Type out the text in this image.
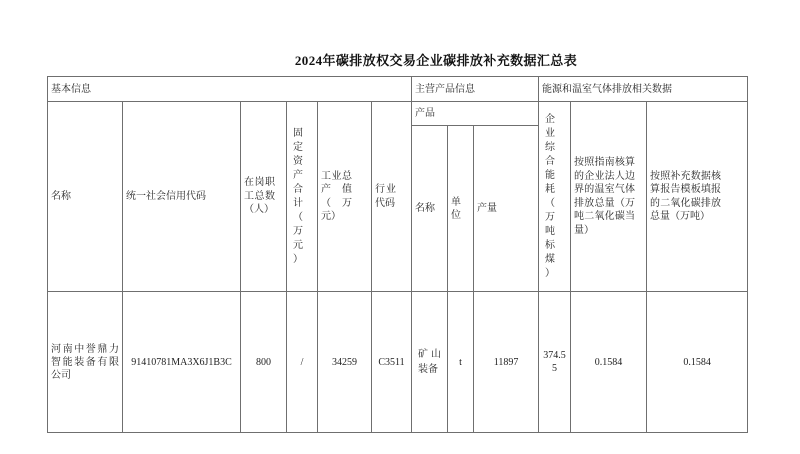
2024年碳排放权交易企业碳排放补充数据汇总表
基本信息						主营产品信息			能源和温室气体排放相关数据		
名称	统一社会信用代码	在岗职工总数（人）	固定资产合计（万元）	工业总产值（万元）	行业代码	产品			企业综合能耗（万吨标煤）	按照指南核算的企业法人边界的温室气体排放总量（万吨二氧化碳当量）	按照补充数据核算报告模板填报的二氧化碳排放总量（万吨）

						名称	单位	产量			
河南中誉鼎力智能装备有限公司	91410781MA3X6J1B3C	800	/	34259	C3511	矿山装备	t	11897	374.55	0.1584	0.1584
